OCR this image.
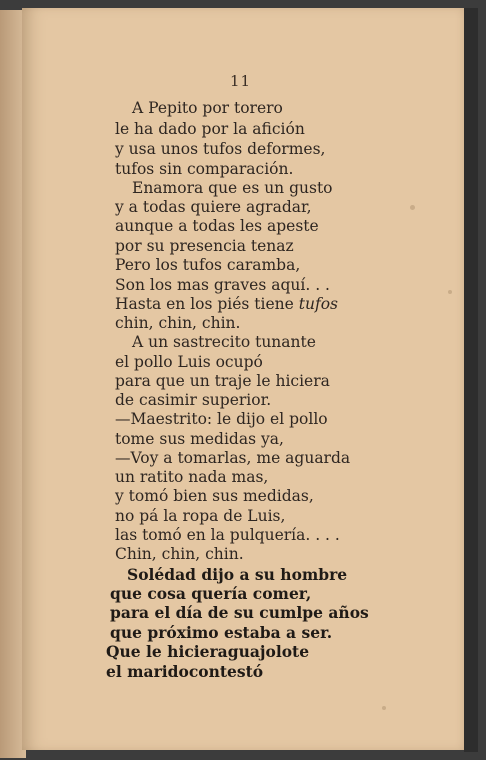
11
A Pepito por torero
le ha dado por la afición
y usa unos tufos deformes,
tufos sin comparación.
Enamora que es un gusto
y a todas quiere agradar,
aunque a todas les apeste
por su presencia tenaz
Pero los tufos caramba,
Son los mas graves aquí. . .
Hasta en los piés tiene tufos
chin, chin, chin.
A un sastrecito tunante
el pollo Luis ocupó
para que un traje le hiciera
de casimir superior.
—Maestrito: le dijo el pollo
tome sus medidas ya,
—Voy a tomarlas, me aguarda
un ratito nada mas,
y tomó bien sus medidas,
no pá la ropa de Luis,
las tomó en la pulquería. . . .
Chin, chin, chin.
Solédad dijo a su hombre
que cosa quería comer,
para el día de su cumlpe años
que próximo estaba a ser.
Que le hicieraguajolote
el maridocontestó
